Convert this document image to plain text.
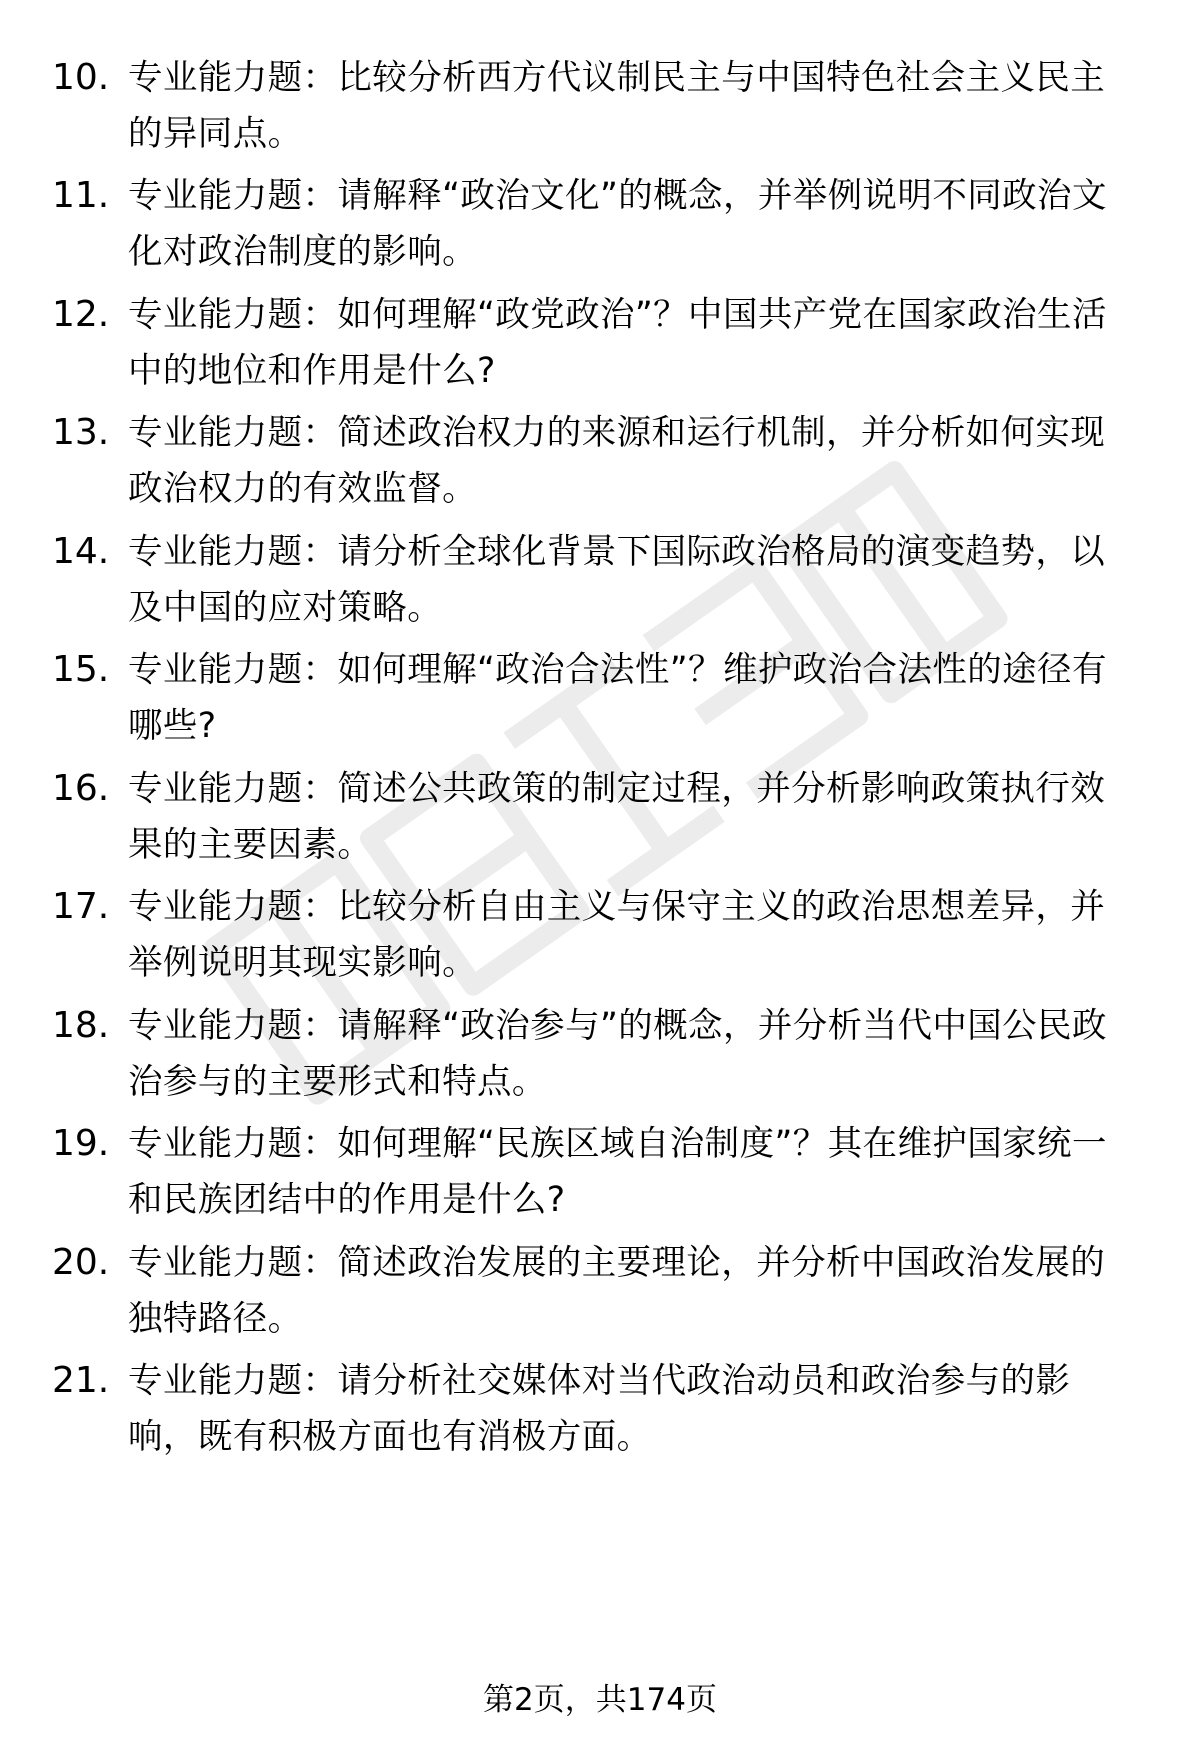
10. 专业能力题：比较分析西方代议制民主与中国特色社会主义民主的异同点。
11. 专业能力题：请解释“政治文化”的概念，并举例说明不同政治文化对政治制度的影响。
12. 专业能力题：如何理解“政党政治”？中国共产党在国家政治生活中的地位和作用是什么?
13. 专业能力题：简述政治权力的来源和运行机制，并分析如何实现政治权力的有效监督。
14. 专业能力题：请分析全球化背景下国际政治格局的演变趋势，以及中国的应对策略。
15. 专业能力题：如何理解“政治合法性”？维护政治合法性的途径有哪些?
16. 专业能力题：简述公共政策的制定过程，并分析影响政策执行效果的主要因素。
17. 专业能力题：比较分析自由主义与保守主义的政治思想差异，并举例说明其现实影响。
18. 专业能力题：请解释“政治参与”的概念，并分析当代中国公民政治参与的主要形式和特点。
19. 专业能力题：如何理解“民族区域自治制度”？其在维护国家统一和民族团结中的作用是什么?
20. 专业能力题：简述政治发展的主要理论，并分析中国政治发展的独特路径。
21. 专业能力题：请分析社交媒体对当代政治动员和政治参与的影响，既有积极方面也有消极方面。
第2页，共174页
